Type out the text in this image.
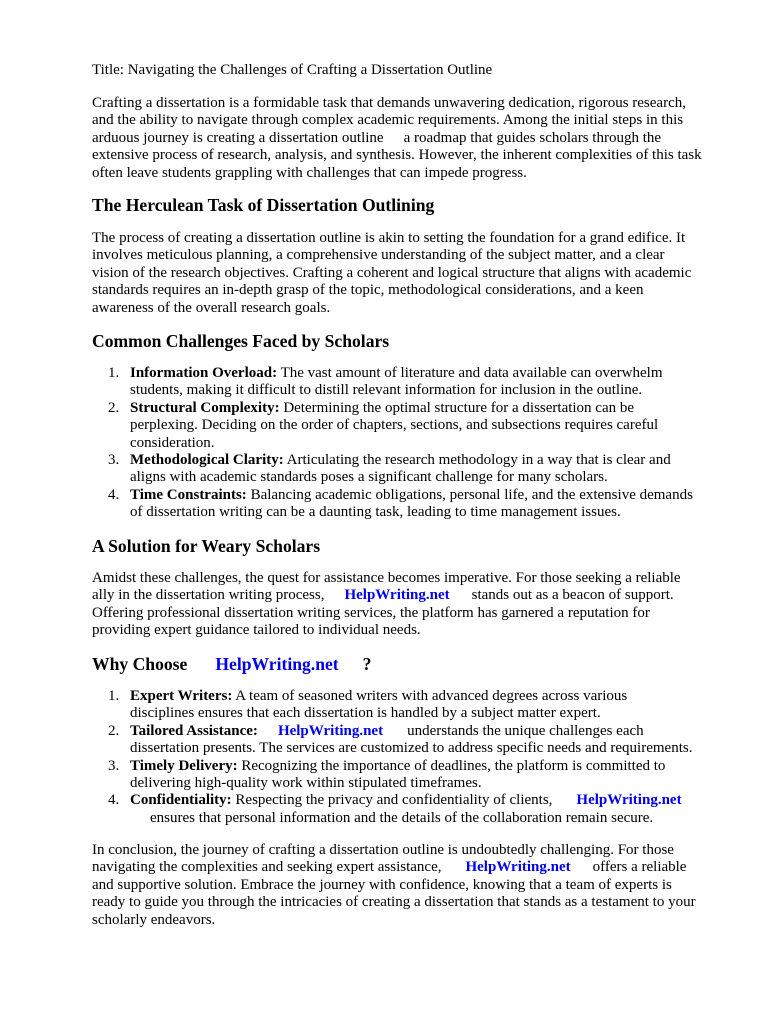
Title: Navigating the Challenges of Crafting a Dissertation Outline

Crafting a dissertation is a formidable task that demands unwavering dedication, rigorous research,
and the ability to navigate through complex academic requirements. Among the initial steps in this
arduous journey is creating a dissertation outline a roadmap that guides scholars through the
extensive process of research, analysis, and synthesis. However, the inherent complexities of this task
often leave students grappling with challenges that can impede progress.
The Herculean Task of Dissertation Outlining
The process of creating a dissertation outline is akin to setting the foundation for a grand edifice. It
involves meticulous planning, a comprehensive understanding of the subject matter, and a clear
vision of the research objectives. Crafting a coherent and logical structure that aligns with academic
standards requires an in-depth grasp of the topic, methodological considerations, and a keen
awareness of the overall research goals.
Common Challenges Faced by Scholars
1. Information Overload: The vast amount of literature and data available can overwhelm
students, making it difficult to distill relevant information for inclusion in the outline.
2. Structural Complexity: Determining the optimal structure for a dissertation can be
perplexing. Deciding on the order of chapters, sections, and subsections requires careful
consideration.
3. Methodological Clarity: Articulating the research methodology in a way that is clear and
aligns with academic standards poses a significant challenge for many scholars.
4. Time Constraints: Balancing academic obligations, personal life, and the extensive demands
of dissertation writing can be a daunting task, leading to time management issues.
A Solution for Weary Scholars
Amidst these challenges, the quest for assistance becomes imperative. For those seeking a reliable
ally in the dissertation writing process, HelpWriting.net stands out as a beacon of support.
Offering professional dissertation writing services, the platform has garnered a reputation for
providing expert guidance tailored to individual needs.
Why Choose HelpWriting.net ?
1. Expert Writers: A team of seasoned writers with advanced degrees across various
disciplines ensures that each dissertation is handled by a subject matter expert.
2. Tailored Assistance: HelpWriting.net understands the unique challenges each
dissertation presents. The services are customized to address specific needs and requirements.
3. Timely Delivery: Recognizing the importance of deadlines, the platform is committed to
delivering high-quality work within stipulated timeframes.
4. Confidentiality: Respecting the privacy and confidentiality of clients, HelpWriting.net
ensures that personal information and the details of the collaboration remain secure.
In conclusion, the journey of crafting a dissertation outline is undoubtedly challenging. For those
navigating the complexities and seeking expert assistance, HelpWriting.net offers a reliable
and supportive solution. Embrace the journey with confidence, knowing that a team of experts is
ready to guide you through the intricacies of creating a dissertation that stands as a testament to your
scholarly endeavors.
